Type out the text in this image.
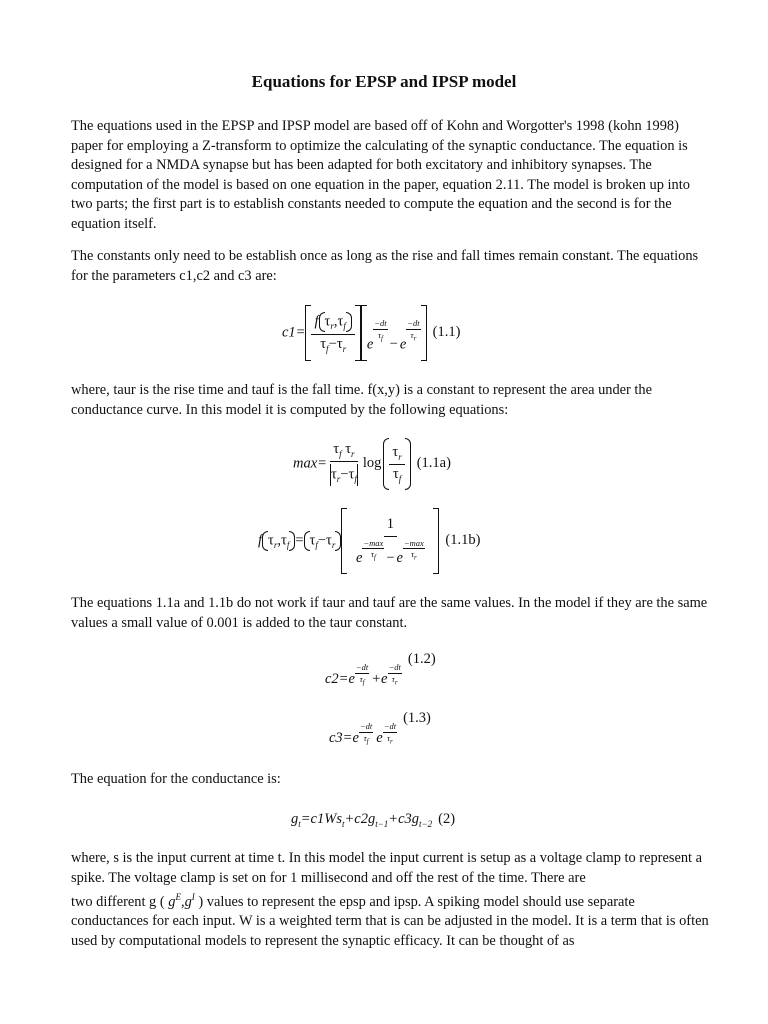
Equations for EPSP and IPSP model

The equations used in the EPSP and IPSP model are based off of Kohn and Worgotter's 1998 (kohn 1998) paper for employing a Z-transform to optimize the calculating of the synaptic conductance. The equation is designed for a NMDA synapse but has been adapted for both excitatory and inhibitory synapses. The computation of the model is based on one equation in the paper, equation 2.11. The model is broken up into two parts; the first part is to establish constants needed to compute the equation and the second is for the equation itself.

The constants only need to be establish once as long as the rise and fall times remain constant. The equations for the parameters c1,c2 and c3 are:

$c1= \frac{f \tau_r,\tau_f}{\tau_f-\tau_r}$ e
$\frac{-dt}{\tau_f}$
− e
$\frac{-dt}{\tau_r} (1.1)$

where, taur is the rise time and tauf is the fall time. f(x,y) is a constant to represent the area under the conductance curve. In this model it is computed by the following equations:

$\max= \frac{\tau_f \tau_r}{\tau_r-\tau_f}$ $\log \frac{\tau_r}{\tau_f} (1.1a)$
f $\tau_r,\tau_f = \tau_f-\tau_r$ 1
e
−max
$\tau_f - e$
−max
$\tau_r$ (1.1b)

The equations 1.1a and 1.1b do not work if taur and tauf are the same values. In the model if they are the same values a small value of 0.001 is added to the taur constant.

$c2=e \frac{-dt}{\tau_f} +e \frac{-dt}{\tau_r}$
(1.2)
$c3=e \frac{-dt}{\tau_f}$ e $\frac{-dt}{\tau_r}$
(1.3)

The equation for the conductance is:

$g_t=c1Ws_t+c2g_{t-1}+c3g_{t-2}$ (2)

where, s is the input current at time t. In this model the input current is setup as a voltage clamp to represent a spike. The voltage clamp is set on for 1 millisecond and off the rest of the time. There are

two different g ( $g^E,g^I$ ) values to represent the epsp and ipsp. A spiking model should use separate conductances for each input. W is a weighted term that is can be adjusted in the model. It is a term that is often used by computational models to represent the synaptic efficacy. It can be thought of as
